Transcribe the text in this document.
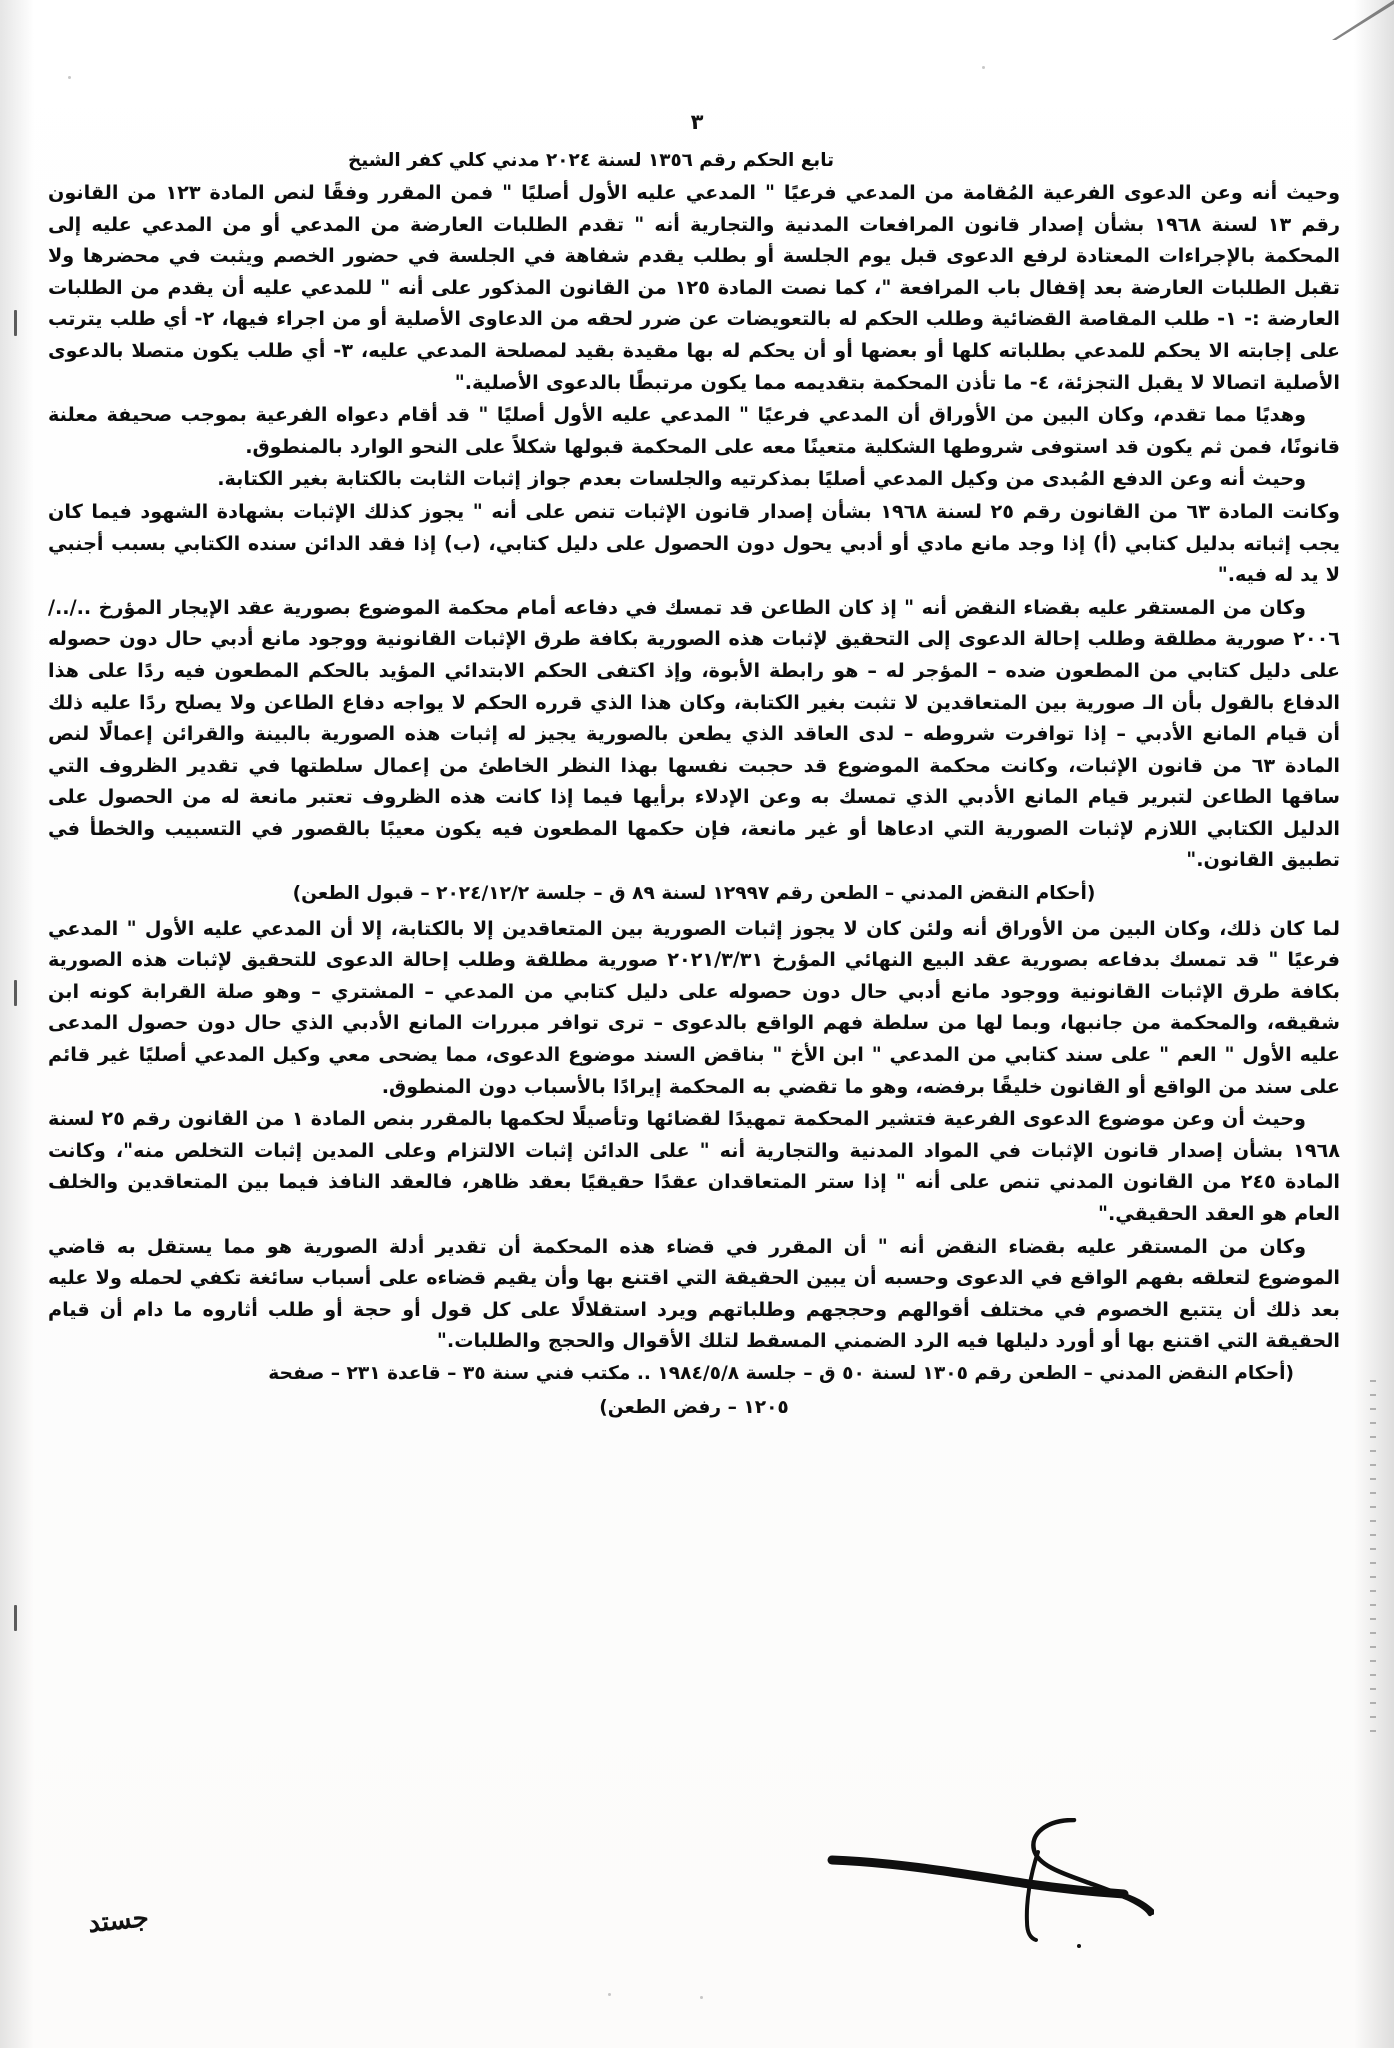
٣
تابع الحكم رقم ١٣٥٦ لسنة ٢٠٢٤ مدني كلي كفر الشيخ

وحيث أنه وعن الدعوى الفرعية المُقامة من المدعي فرعيًا " المدعي عليه الأول أصليًا " فمن المقرر وفقًا لنص المادة ١٢٣ من القانون رقم ١٣ لسنة ١٩٦٨ بشأن إصدار قانون المرافعات المدنية والتجارية أنه " تقدم الطلبات العارضة من المدعي أو من المدعي عليه إلى المحكمة بالإجراءات المعتادة لرفع الدعوى قبل يوم الجلسة أو بطلب يقدم شفاهة في الجلسة في حضور الخصم ويثبت في محضرها ولا تقبل الطلبات العارضة بعد إقفال باب المرافعة "، كما نصت المادة ١٢٥ من القانون المذكور على أنه " للمدعي عليه أن يقدم من الطلبات العارضة :- ١- طلب المقاصة القضائية وطلب الحكم له بالتعويضات عن ضرر لحقه من الدعاوى الأصلية أو من اجراء فيها، ٢- أي طلب يترتب على إجابته الا يحكم للمدعي بطلباته كلها أو بعضها أو أن يحكم له بها مقيدة بقيد لمصلحة المدعي عليه، ٣- أي طلب يكون متصلا بالدعوى الأصلية اتصالا لا يقبل التجزئة، ٤- ما تأذن المحكمة بتقديمه مما يكون مرتبطًا بالدعوى الأصلية."

وهديًا مما تقدم، وكان البين من الأوراق أن المدعي فرعيًا " المدعي عليه الأول أصليًا " قد أقام دعواه الفرعية بموجب صحيفة معلنة قانونًا، فمن ثم يكون قد استوفى شروطها الشكلية متعينًا معه على المحكمة قبولها شكلاً على النحو الوارد بالمنطوق.

وحيث أنه وعن الدفع المُبدى من وكيل المدعي أصليًا بمذكرتيه والجلسات بعدم جواز إثبات الثابت بالكتابة بغير الكتابة.

وكانت المادة ٦٣ من القانون رقم ٢٥ لسنة ١٩٦٨ بشأن إصدار قانون الإثبات تنص على أنه " يجوز كذلك الإثبات بشهادة الشهود فيما كان يجب إثباته بدليل كتابي (أ) إذا وجد مانع مادي أو أدبي يحول دون الحصول على دليل كتابي، (ب) إذا فقد الدائن سنده الكتابي بسبب أجنبي لا يد له فيه."

وكان من المستقر عليه بقضاء النقض أنه " إذ كان الطاعن قد تمسك في دفاعه أمام محكمة الموضوع بصورية عقد الإيجار المؤرخ ../../٢٠٠٦ صورية مطلقة وطلب إحالة الدعوى إلى التحقيق لإثبات هذه الصورية بكافة طرق الإثبات القانونية ووجود مانع أدبي حال دون حصوله على دليل كتابي من المطعون ضده – المؤجر له – هو رابطة الأبوة، وإذ اكتفى الحكم الابتدائي المؤيد بالحكم المطعون فيه ردًا على هذا الدفاع بالقول بأن الـ صورية بين المتعاقدين لا تثبت بغير الكتابة، وكان هذا الذي قرره الحكم لا يواجه دفاع الطاعن ولا يصلح ردًا عليه ذلك أن قيام المانع الأدبي – إذا توافرت شروطه – لدى العاقد الذي يطعن بالصورية يجيز له إثبات هذه الصورية بالبينة والقرائن إعمالًا لنص المادة ٦٣ من قانون الإثبات، وكانت محكمة الموضوع قد حجبت نفسها بهذا النظر الخاطئ من إعمال سلطتها في تقدير الظروف التي ساقها الطاعن لتبرير قيام المانع الأدبي الذي تمسك به وعن الإدلاء برأيها فيما إذا كانت هذه الظروف تعتبر مانعة له من الحصول على الدليل الكتابي اللازم لإثبات الصورية التي ادعاها أو غير مانعة، فإن حكمها المطعون فيه يكون معيبًا بالقصور في التسبيب والخطأ في تطبيق القانون."

(أحكام النقض المدني – الطعن رقم ١٢٩٩٧ لسنة ٨٩ ق – جلسة ٢٠٢٤/١٢/٢ – قبول الطعن)

لما كان ذلك، وكان البين من الأوراق أنه ولئن كان لا يجوز إثبات الصورية بين المتعاقدين إلا بالكتابة، إلا أن المدعي عليه الأول " المدعي فرعيًا " قد تمسك بدفاعه بصورية عقد البيع النهائي المؤرخ ٢٠٢١/٣/٣١ صورية مطلقة وطلب إحالة الدعوى للتحقيق لإثبات هذه الصورية بكافة طرق الإثبات القانونية ووجود مانع أدبي حال دون حصوله على دليل كتابي من المدعي – المشتري – وهو صلة القرابة كونه ابن شقيقه، والمحكمة من جانبها، وبما لها من سلطة فهم الواقع بالدعوى – ترى توافر مبررات المانع الأدبي الذي حال دون حصول المدعى عليه الأول " العم " على سند كتابي من المدعي " ابن الأخ " بناقض السند موضوع الدعوى، مما يضحى معي وكيل المدعي أصليًا غير قائم على سند من الواقع أو القانون خليقًا برفضه، وهو ما تقضي به المحكمة إيرادًا بالأسباب دون المنطوق.

وحيث أن وعن موضوع الدعوى الفرعية فتشير المحكمة تمهيدًا لقضائها وتأصيلًا لحكمها بالمقرر بنص المادة ١ من القانون رقم ٢٥ لسنة ١٩٦٨ بشأن إصدار قانون الإثبات في المواد المدنية والتجارية أنه " على الدائن إثبات الالتزام وعلى المدين إثبات التخلص منه"، وكانت المادة ٢٤٥ من القانون المدني تنص على أنه " إذا ستر المتعاقدان عقدًا حقيقيًا بعقد ظاهر، فالعقد النافذ فيما بين المتعاقدين والخلف العام هو العقد الحقيقي."

وكان من المستقر عليه بقضاء النقض أنه " أن المقرر في قضاء هذه المحكمة أن تقدير أدلة الصورية هو مما يستقل به قاضي الموضوع لتعلقه بفهم الواقع في الدعوى وحسبه أن يبين الحقيقة التي اقتنع بها وأن يقيم قضاءه على أسباب سائغة تكفي لحمله ولا عليه بعد ذلك أن يتتبع الخصوم في مختلف أقوالهم وحججهم وطلباتهم ويرد استقلالًا على كل قول أو حجة أو طلب أثاروه ما دام أن قيام الحقيقة التي اقتنع بها أو أورد دليلها فيه الرد الضمني المسقط لتلك الأقوال والحجج والطلبات."

(أحكام النقض المدني – الطعن رقم ١٣٠٥ لسنة ٥٠ ق – جلسة ١٩٨٤/٥/٨ .. مكتب فني سنة ٣٥ – قاعدة ٢٣١ – صفحة

١٢٠٥ – رفض الطعن)

جستد
